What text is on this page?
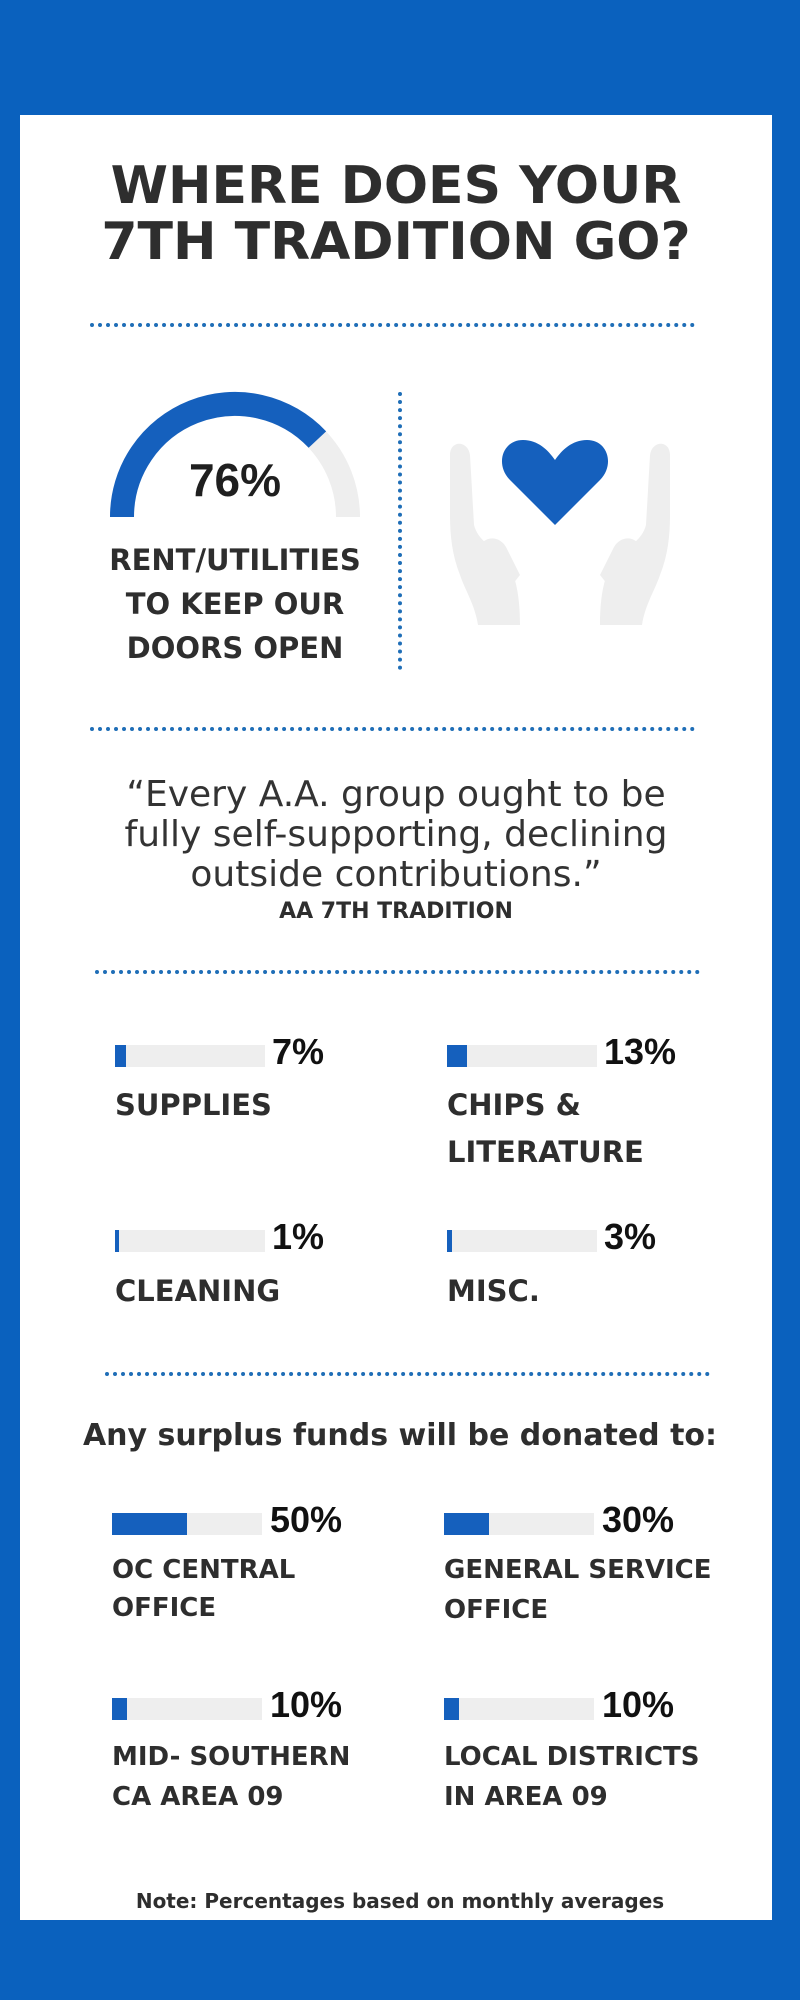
WHERE DOES YOUR
7TH TRADITION GO?
76%
RENT/UTILITIES
TO KEEP OUR
DOORS OPEN
“Every A.A. group ought to be
fully self-supporting, declining
outside contributions.”
AA 7TH TRADITION
7%
SUPPLIES
13%
CHIPS &
LITERATURE
1%
CLEANING
3%
MISC.
Any surplus funds will be donated to:
50%
OC CENTRAL
OFFICE
30%
GENERAL SERVICE
OFFICE
10%
MID- SOUTHERN
CA AREA 09
10%
LOCAL DISTRICTS
IN AREA 09
Note: Percentages based on monthly averages
